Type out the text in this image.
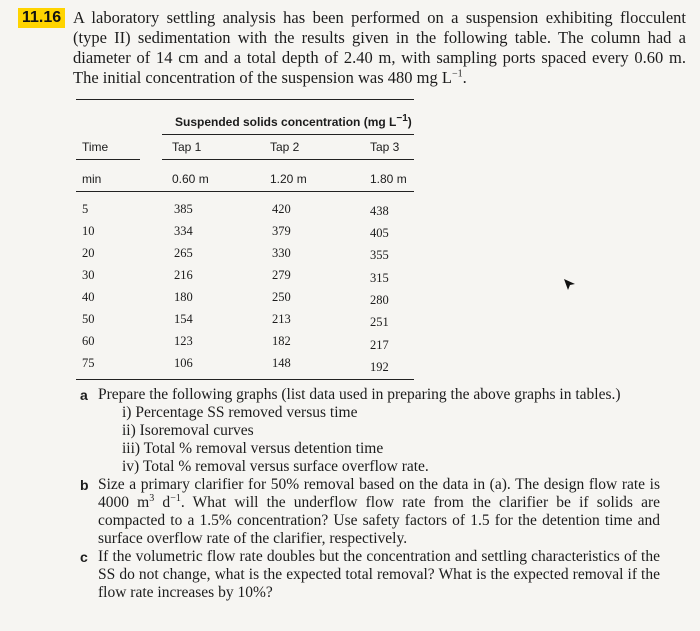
11.16 A laboratory settling analysis has been performed on a suspension exhibiting flocculent (type II) sedimentation with the results given in the following table. The column had a diameter of 14 cm and a total depth of 2.40 m, with sampling ports spaced every 0.60 m. The initial concentration of the suspension was 480 mg $L^{-1}$.
Suspended solids concentration (mg $L^{-1}$)
Time	Tap 1	Tap 2	Tap 3
min	0.60 m	1.20 m	1.80 m
5	385	420	438
10	334	379	405
20	265	330	355
30	216	279	315
40	180	250	280
50	154	213	251
60	123	182	217
75	106	148	192
a Prepare the following graphs (list data used in preparing the above graphs in tables.)
i) Percentage SS removed versus time
ii) Isoremoval curves
iii) Total % removal versus detention time
iv) Total % removal versus surface overflow rate.
b Size a primary clarifier for 50% removal based on the data in (a). The design flow rate is 4000 $m^3$ $d^{-1}$. What will the underflow flow rate from the clarifier be if solids are compacted to a 1.5% concentration? Use safety factors of 1.5 for the detention time and surface overflow rate of the clarifier, respectively.
c If the volumetric flow rate doubles but the concentration and settling characteristics of the SS do not change, what is the expected total removal? What is the expected removal if the flow rate increases by 10%?
